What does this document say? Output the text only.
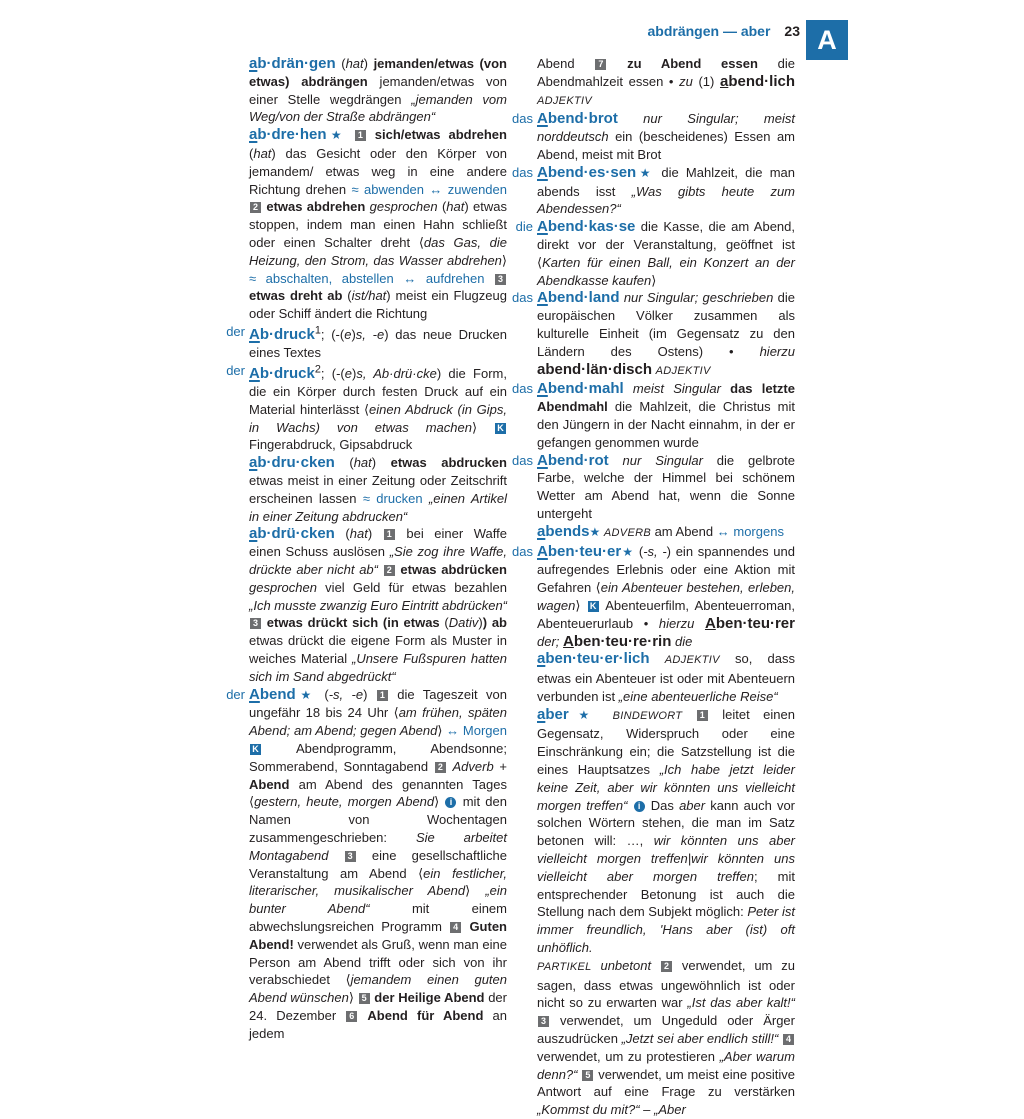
abdrängen — aber 23 A
ab·drän·gen (hat) jemanden/etwas (von etwas) abdrängen jemanden/etwas von einer Stelle wegdrängen „jemanden vom Weg/von der Straße abdrängen“
ab·dre·hen★ 1 sich/etwas abdrehen (hat) das Gesicht oder den Körper von jemandem/ etwas weg in eine andere Richtung drehen ≈ abwenden ↔ zuwenden 2 etwas abdrehen gesprochen (hat) etwas stoppen, indem man einen Hahn schließt oder einen Schalter dreht ⟨das Gas, die Heizung, den Strom, das Wasser abdrehen⟩ ≈ abschalten, abstellen ↔ aufdrehen 3 etwas dreht ab (ist/hat) meist ein Flugzeug oder Schiff ändert die Richtung
der Ab·druck$^1$; (-(e)s, -e) das neue Drucken eines Textes
der Ab·druck$^2$; (-(e)s, Ab·drü·cke) die Form, die ein Körper durch festen Druck auf ein Material hinterlässt ⟨einen Abdruck (in Gips, in Wachs) von etwas machen⟩ K Fingerabdruck, Gipsabdruck
ab·dru·cken (hat) etwas abdrucken etwas meist in einer Zeitung oder Zeitschrift erscheinen lassen ≈ drucken „einen Artikel in einer Zeitung abdrucken“
ab·drü·cken (hat) 1 bei einer Waffe einen Schuss auslösen „Sie zog ihre Waffe, drückte aber nicht ab“ 2 etwas abdrücken gesprochen viel Geld für etwas bezahlen „Ich musste zwanzig Euro Eintritt abdrücken“ 3 etwas drückt sich (in etwas (Dativ)) ab etwas drückt die eigene Form als Muster in weiches Material „Unsere Fußspuren hatten sich im Sand abgedrückt“
der Abend★ (-s, -e) 1 die Tageszeit von ungefähr 18 bis 24 Uhr ⟨am frühen, späten Abend; am Abend; gegen Abend⟩ ↔ Morgen K Abendprogramm, Abendsonne; Sommerabend, Sonntagabend 2 Adverb + Abend am Abend des genannten Tages ⟨gestern, heute, morgen Abend⟩ i mit den Namen von Wochentagen zusammengeschrieben: Sie arbeitet Montagabend 3 eine gesellschaftliche Veranstaltung am Abend ⟨ein festlicher, literarischer, musikalischer Abend⟩ „ein bunter Abend“ mit einem abwechslungsreichen Programm 4 Guten Abend! verwendet als Gruß, wenn man eine Person am Abend trifft oder sich von ihr verabschiedet ⟨jemandem einen guten Abend wünschen⟩ 5 der Heilige Abend der 24. Dezember 6 Abend für Abend an jedem
Abend 7 zu Abend essen die Abendmahlzeit essen • zu (1) abend·lich ADJEKTIV
das Abend·brot nur Singular; meist norddeutsch ein (bescheidenes) Essen am Abend, meist mit Brot
das Abend·es·sen★ die Mahlzeit, die man abends isst „Was gibts heute zum Abendessen?“
die Abend·kas·se die Kasse, die am Abend, direkt vor der Veranstaltung, geöffnet ist ⟨Karten für einen Ball, ein Konzert an der Abendkasse kaufen⟩
das Abend·land nur Singular; geschrieben die europäischen Völker zusammen als kulturelle Einheit (im Gegensatz zu den Ländern des Ostens) • hierzu abend·län·disch ADJEKTIV
das Abend·mahl meist Singular das letzte Abendmahl die Mahlzeit, die Christus mit den Jüngern in der Nacht einnahm, in der er gefangen genommen wurde
das Abend·rot nur Singular die gelbrote Farbe, welche der Himmel bei schönem Wetter am Abend hat, wenn die Sonne untergeht
abends★ ADVERB am Abend ↔ morgens
das Aben·teu·er★ (-s, -) ein spannendes und aufregendes Erlebnis oder eine Aktion mit Gefahren ⟨ein Abenteuer bestehen, erleben, wagen⟩ K Abenteuerfilm, Abenteuerroman, Abenteuerurlaub • hierzu Aben·teu·rer der; Aben·teu·re·rin die
aben·teu·er·lich ADJEKTIV so, dass etwas ein Abenteuer ist oder mit Abenteuern verbunden ist „eine abenteuerliche Reise“
aber★ BINDEWORT 1 leitet einen Gegensatz, Widerspruch oder eine Einschränkung ein; die Satzstellung ist die eines Hauptsatzes „Ich habe jetzt leider keine Zeit, aber wir könnten uns vielleicht morgen treffen“ i Das aber kann auch vor solchen Wörtern stehen, die man im Satz betonen will: …, wir könnten uns aber vielleicht morgen treffen|wir könnten uns vielleicht aber morgen treffen; mit entsprechender Betonung ist auch die Stellung nach dem Subjekt möglich: Peter ist immer freundlich, 'Hans aber (ist) oft unhöflich.
PARTIKEL unbetont 2 verwendet, um zu sagen, dass etwas ungewöhnlich ist oder nicht so zu erwarten war „Ist das aber kalt!“ 3 verwendet, um Ungeduld oder Ärger auszudrücken „Jetzt sei aber endlich still!“ 4 verwendet, um zu protestieren „Aber warum denn?“ 5 verwendet, um meist eine positive Antwort auf eine Frage zu verstärken „Kommst du mit?“ – „Aber
